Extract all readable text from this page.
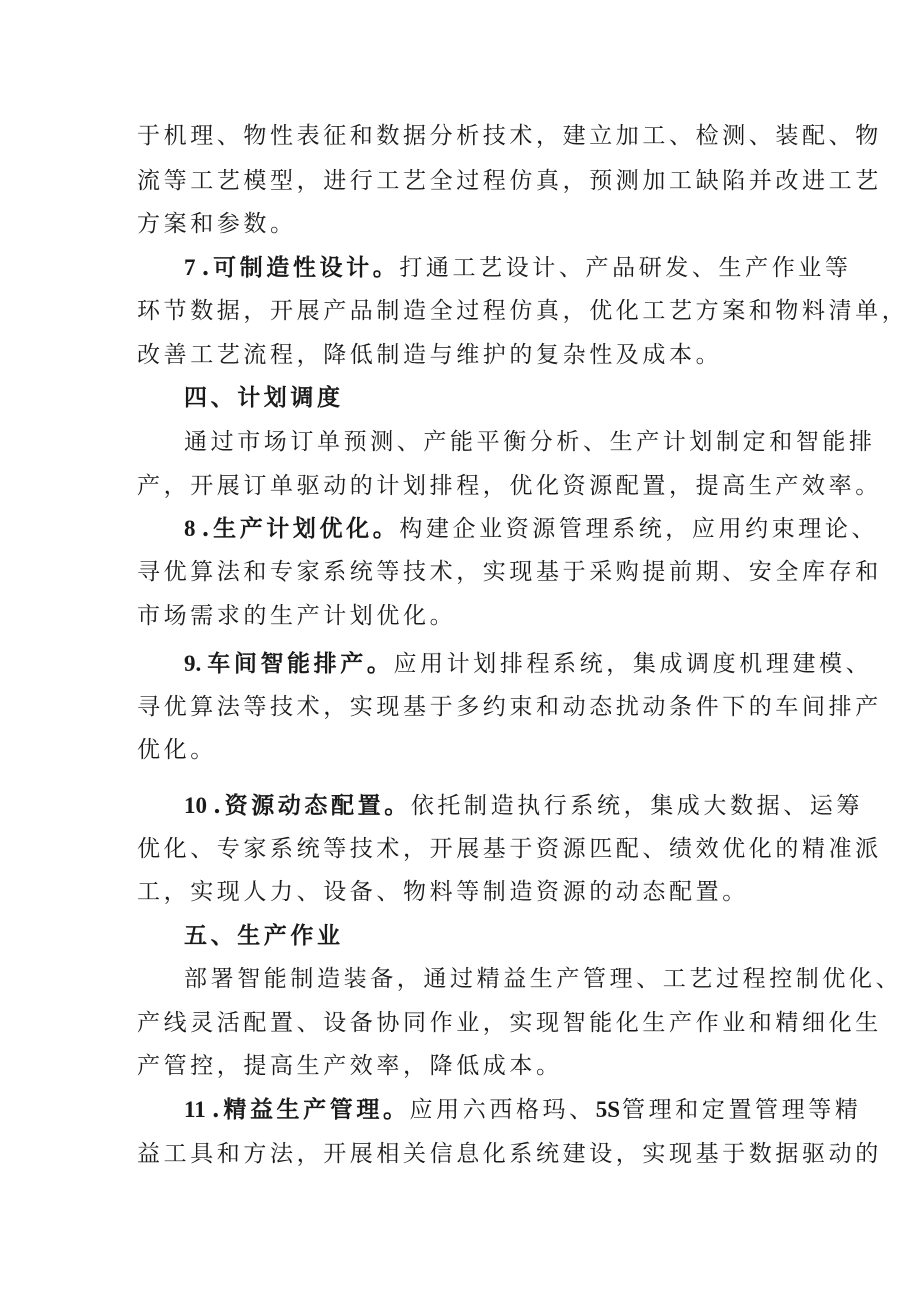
于机理、物性表征和数据分析技术，建立加工、检测、装配、物
流等工艺模型，进行工艺全过程仿真，预测加工缺陷并改进工艺
方案和参数。
7 .可制造性设计。打通工艺设计、产品研发、生产作业等
环节数据，开展产品制造全过程仿真，优化工艺方案和物料清单，
改善工艺流程，降低制造与维护的复杂性及成本。
四、计划调度
通过市场订单预测、产能平衡分析、生产计划制定和智能排
产，开展订单驱动的计划排程，优化资源配置，提高生产效率。
8 .生产计划优化。构建企业资源管理系统，应用约束理论、
寻优算法和专家系统等技术，实现基于采购提前期、安全库存和
市场需求的生产计划优化。
9. 车间智能排产。应用计划排程系统，集成调度机理建模、
寻优算法等技术，实现基于多约束和动态扰动条件下的车间排产
优化。
10 .资源动态配置。依托制造执行系统，集成大数据、运筹
优化、专家系统等技术，开展基于资源匹配、绩效优化的精准派
工，实现人力、设备、物料等制造资源的动态配置。
五、生产作业
部署智能制造装备，通过精益生产管理、工艺过程控制优化、
产线灵活配置、设备协同作业，实现智能化生产作业和精细化生
产管控，提高生产效率，降低成本。
11 .精益生产管理。应用六西格玛、5S管理和定置管理等精
益工具和方法，开展相关信息化系统建设，实现基于数据驱动的
